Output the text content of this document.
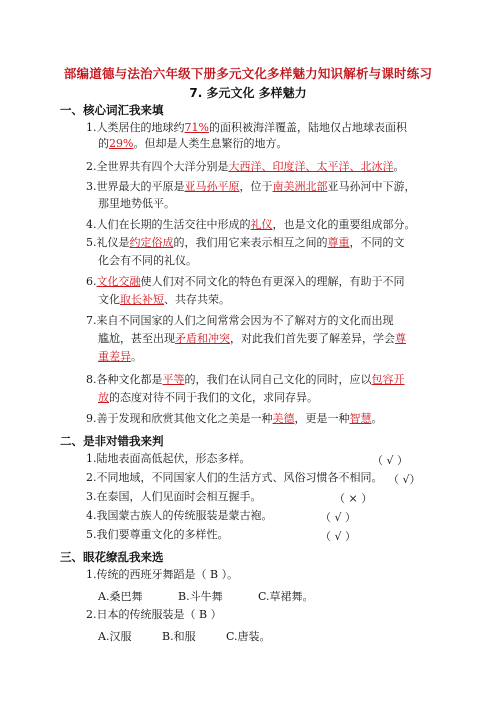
部编道德与法治六年级下册多元文化多样魅力知识解析与课时练习
7. 多元文化 多样魅力
一、核心词汇我来填
1.人类居住的地球约71%的面积被海洋覆盖，陆地仅占地球表面积
的29%。但却是人类生息繁衍的地方。
2.全世界共有四个大洋分别是大西洋、印度洋、太平洋、北冰洋。
3.世界最大的平原是亚马孙平原，位于南美洲北部亚马孙河中下游，
那里地势低平。
4.人们在长期的生活交往中形成的礼仪，也是文化的重要组成部分。
5.礼仪是约定俗成的，我们用它来表示相互之间的尊重，不同的文
化会有不同的礼仪。
6.文化交融使人们对不同文化的特色有更深入的理解，有助于不同
文化取长补短、共存共荣。
7.来自不同国家的人们之间常常会因为不了解对方的文化而出现
尴尬，甚至出现矛盾和冲突，对此我们首先要了解差异，学会尊
重差异。
8.各种文化都是平等的，我们在认同自己文化的同时，应以包容开
放的态度对待不同于我们的文化，求同存异。
9.善于发现和欣赏其他文化之美是一种美德，更是一种智慧。
二、是非对错我来判
1.陆地表面高低起伏，形态多样。	（ √ ）
2.不同地域，不同国家人们的生活方式、风俗习惯各不相同。 （ √）
3.在泰国，人们见面时会相互握手。	（ × ）
4.我国蒙古族人的传统服装是蒙古袍。	（ √ ）
5.我们要尊重文化的多样性。	（ √ ）
三、眼花缭乱我来选
1.传统的西班牙舞蹈是（ B ）。
A.桑巴舞	B.斗牛舞	C.草裙舞。
2.日本的传统服装是（ B ）
A.汉服	B.和服	C.唐装。
